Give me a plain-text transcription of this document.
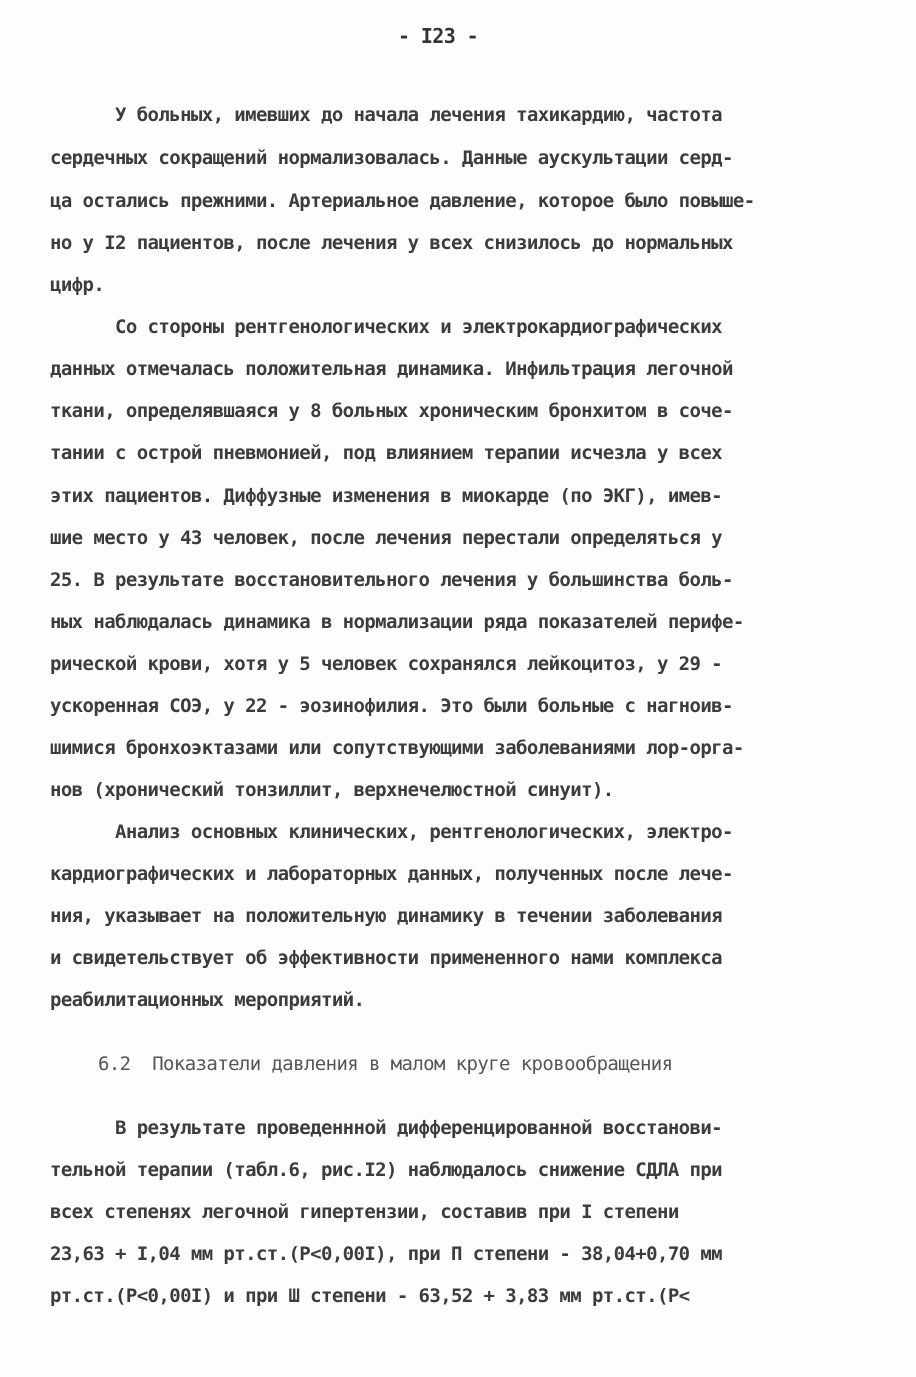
- I23 -
У больных, имевших до начала лечения тахикардию, частота
сердечных сокращений нормализовалась. Данные аускультации серд-
ца остались прежними. Артериальное давление, которое было повыше-
но у I2 пациентов, после лечения у всех снизилось до нормальных
цифр.
Со стороны рентгенологических и электрокардиографических
данных отмечалась положительная динамика. Инфильтрация легочной
ткани, определявшаяся у 8 больных хроническим бронхитом в соче-
тании с острой пневмонией, под влиянием терапии исчезла у всех
этих пациентов. Диффузные изменения в миокарде (по ЭКГ), имев-
шие место у 43 человек, после лечения перестали определяться у
25. В результате восстановительного лечения у большинства боль-
ных наблюдалась динамика в нормализации ряда показателей перифе-
рической крови, хотя у 5 человек сохранялся лейкоцитоз, у 29 -
ускоренная СОЭ, у 22 - эозинофилия. Это были больные с нагноив-
шимися бронхоэктазами или сопутствующими заболеваниями лор-орга-
нов (хронический тонзиллит, верхнечелюстной синуит).
Анализ основных клинических, рентгенологических, электро-
кардиографических и лабораторных данных, полученных после лече-
ния, указывает на положительную динамику в течении заболевания
и свидетельствует об эффективности примененного нами комплекса
реабилитационных мероприятий.
6.2  Показатели давления в малом круге кровообращения
В результате проведеннной дифференцированной восстанови-
тельной терапии (табл.6, рис.I2) наблюдалось снижение СДЛА при
всех степенях легочной гипертензии, составив при I степени
23,63 + I,04 мм рт.ст.(Р<0,00I), при П степени - 38,04+0,70 мм
рт.ст.(Р<0,00I) и при Ш степени - 63,52 + 3,83 мм рт.ст.(Р<
